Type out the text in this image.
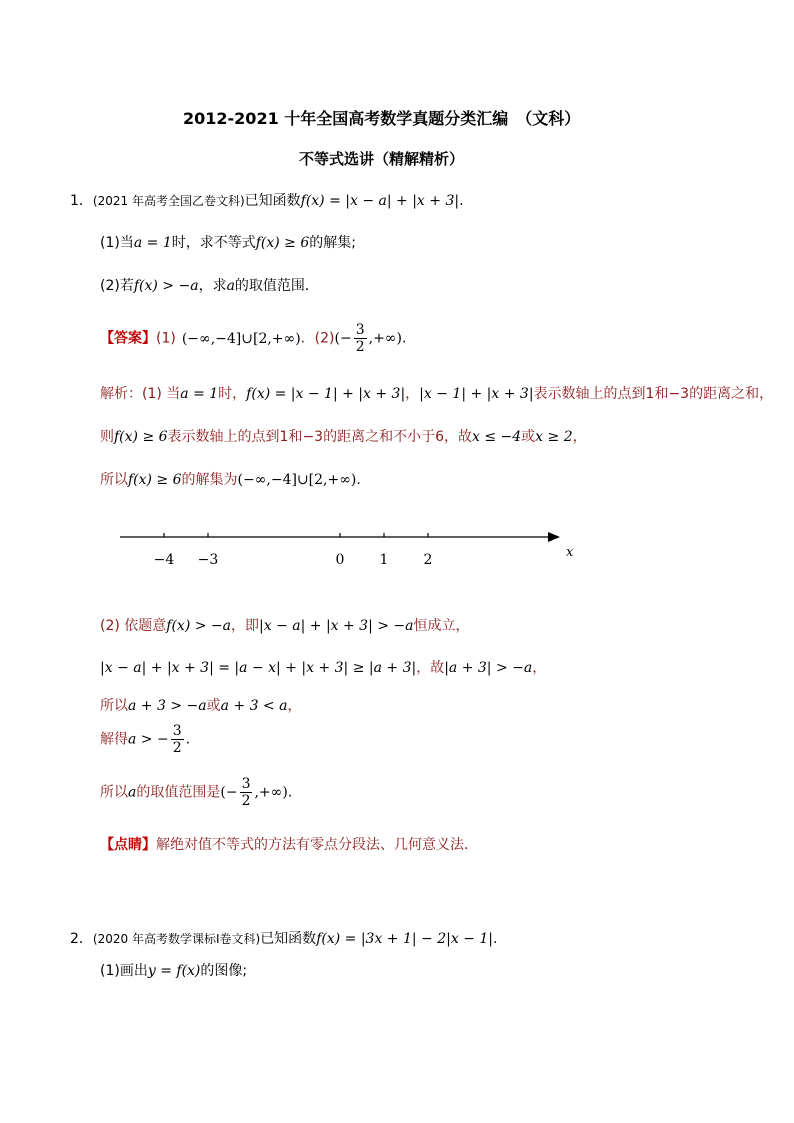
2012-2021 十年全国高考数学真题分类汇编　（文科）
不等式选讲（精解精析）
1．(2021 年高考全国乙卷文科)已知函数f(x) = |x − a| + |x + 3|.
(1)当a = 1时，求不等式f(x) ≥ 6的解集;
(2)若f(x) > −a，求a的取值范围．
【答案】(1) (−∞,−4]∪[2,+∞)．$(2)(- \frac{3}{2}$ ,+∞).
解析：(1) 当a = 1时，f(x) = |x − 1| + |x + 3|，|x − 1| + |x + 3|表示数轴上的点到1和−3的距离之和，
则f(x) ≥ 6表示数轴上的点到1和−3的距离之和不小于6，故x ≤ −4或x ≥ 2，
所以f(x) ≥ 6的解集为(−∞,−4]∪[2,+∞).
x
−4 −3	0	1	2
(2) 依题意f(x) > −a，即|x − a| + |x + 3| > −a恒成立，
|x − a| + |x + 3| = |a − x| + |x + 3| ≥ |a + 3|，故|a + 3| > −a，
所以a + 3 > −a或a + 3 < a，
解得a > − $\frac{3}{2}$ .
所以a的取值范围是(− $\frac{3}{2}$ ,+∞).
【点睛】解绝对值不等式的方法有零点分段法、几何意义法．
2．(2020 年高考数学课标Ⅰ卷文科)已知函数f(x) = |3x + 1| − 2|x − 1|.
(1)画出y = f(x)的图像;
